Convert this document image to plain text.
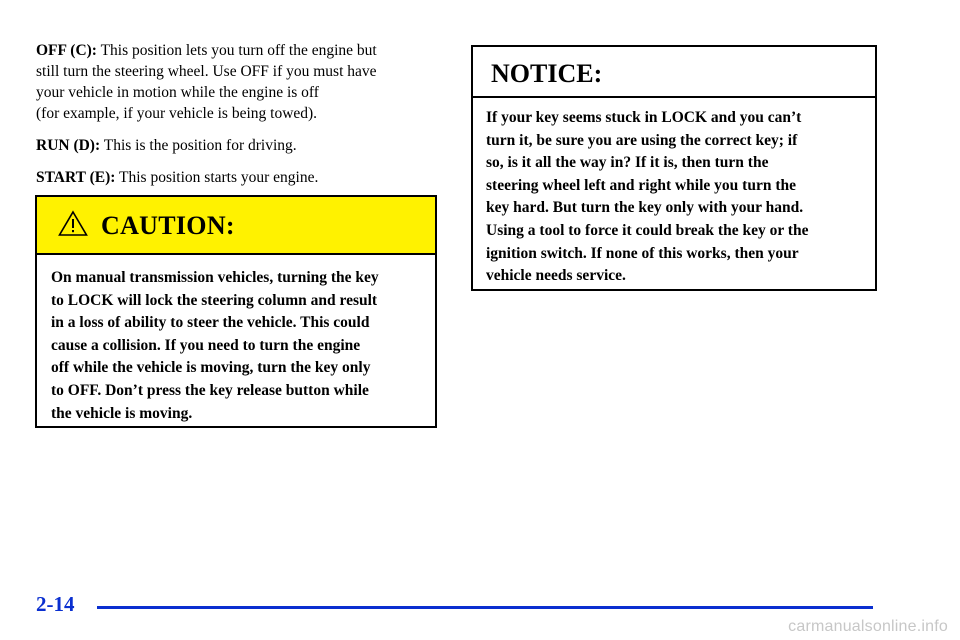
OFF (C): This position lets you turn off the engine but
still turn the steering wheel. Use OFF if you must have
your vehicle in motion while the engine is off
(for example, if your vehicle is being towed).

RUN (D): This is the position for driving.

START (E): This position starts your engine.

CAUTION:
On manual transmission vehicles, turning the key
to LOCK will lock the steering column and result
in a loss of ability to steer the vehicle. This could
cause a collision. If you need to turn the engine
off while the vehicle is moving, turn the key only
to OFF. Don’t press the key release button while
the vehicle is moving.
NOTICE:
If your key seems stuck in LOCK and you can’t
turn it, be sure you are using the correct key; if
so, is it all the way in? If it is, then turn the
steering wheel left and right while you turn the
key hard. But turn the key only with your hand.
Using a tool to force it could break the key or the
ignition switch. If none of this works, then your
vehicle needs service.
2-14
carmanualsonline.info
